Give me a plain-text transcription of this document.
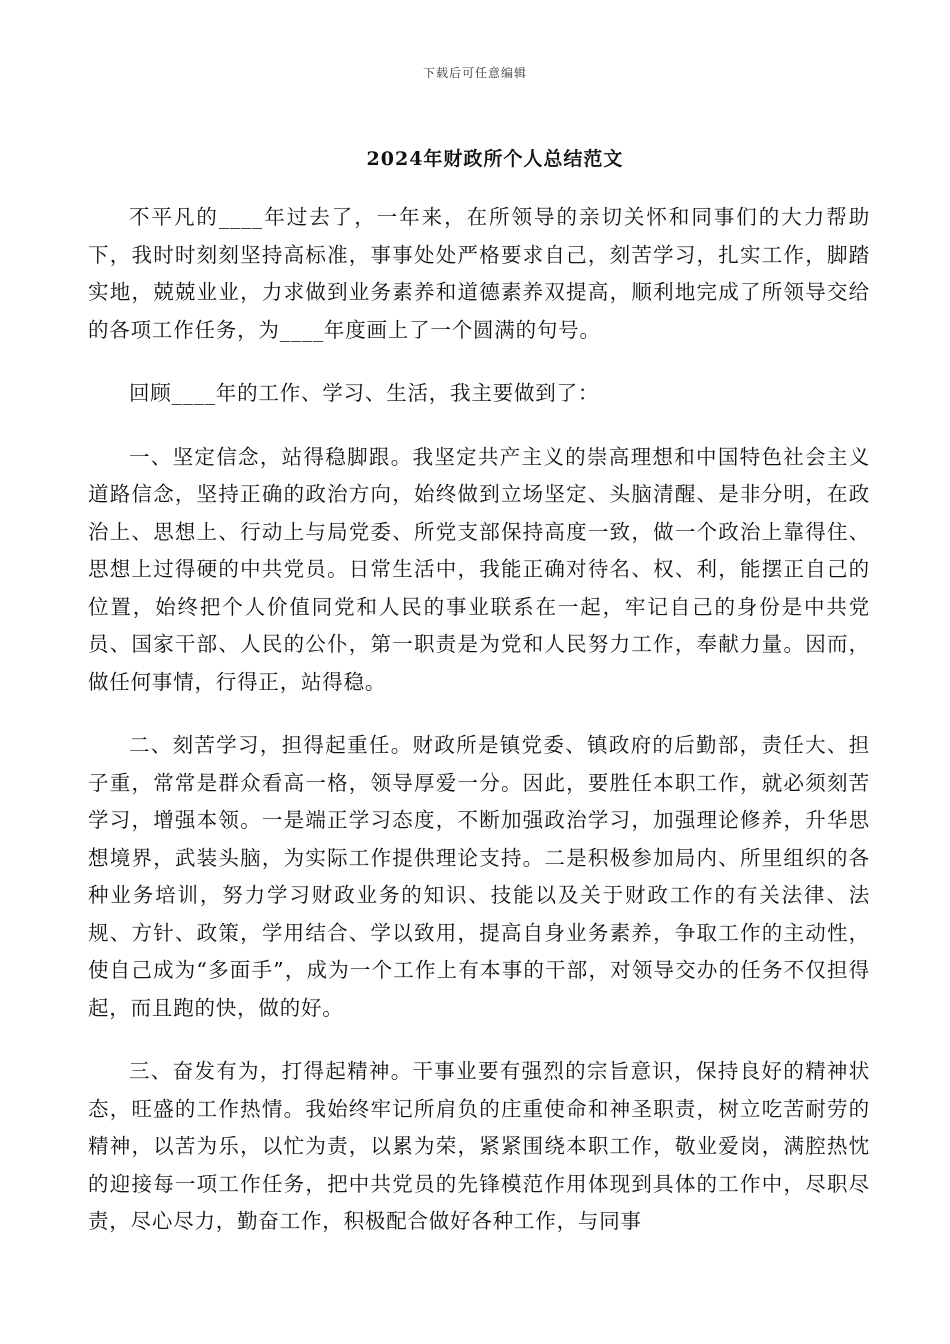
下载后可任意编辑
2024年财政所个人总结范文

不平凡的____年过去了，一年来，在所领导的亲切关怀和同事们的大力帮助下，我时时刻刻坚持高标准，事事处处严格要求自己，刻苦学习，扎实工作，脚踏实地，兢兢业业，力求做到业务素养和道德素养双提高，顺利地完成了所领导交给的各项工作任务，为____年度画上了一个圆满的句号。

回顾____年的工作、学习、生活，我主要做到了：

一、坚定信念，站得稳脚跟。我坚定共产主义的崇高理想和中国特色社会主义道路信念，坚持正确的政治方向，始终做到立场坚定、头脑清醒、是非分明，在政治上、思想上、行动上与局党委、所党支部保持高度一致，做一个政治上靠得住、思想上过得硬的中共党员。日常生活中，我能正确对待名、权、利，能摆正自己的位置，始终把个人价值同党和人民的事业联系在一起，牢记自己的身份是中共党员、国家干部、人民的公仆，第一职责是为党和人民努力工作，奉献力量。因而，做任何事情，行得正，站得稳。

二、刻苦学习，担得起重任。财政所是镇党委、镇政府的后勤部，责任大、担子重，常常是群众看高一格，领导厚爱一分。因此，要胜任本职工作，就必须刻苦学习，增强本领。一是端正学习态度，不断加强政治学习，加强理论修养，升华思想境界，武装头脑，为实际工作提供理论支持。二是积极参加局内、所里组织的各种业务培训，努力学习财政业务的知识、技能以及关于财政工作的有关法律、法规、方针、政策，学用结合、学以致用，提高自身业务素养，争取工作的主动性，使自己成为“多面手”，成为一个工作上有本事的干部，对领导交办的任务不仅担得起，而且跑的快，做的好。

三、奋发有为，打得起精神。干事业要有强烈的宗旨意识，保持良好的精神状态，旺盛的工作热情。我始终牢记所肩负的庄重使命和神圣职责，树立吃苦耐劳的精神，以苦为乐，以忙为责，以累为荣，紧紧围绕本职工作，敬业爱岗，满腔热忱的迎接每一项工作任务，把中共党员的先锋模范作用体现到具体的工作中，尽职尽责，尽心尽力，勤奋工作，积极配合做好各种工作，与同事
